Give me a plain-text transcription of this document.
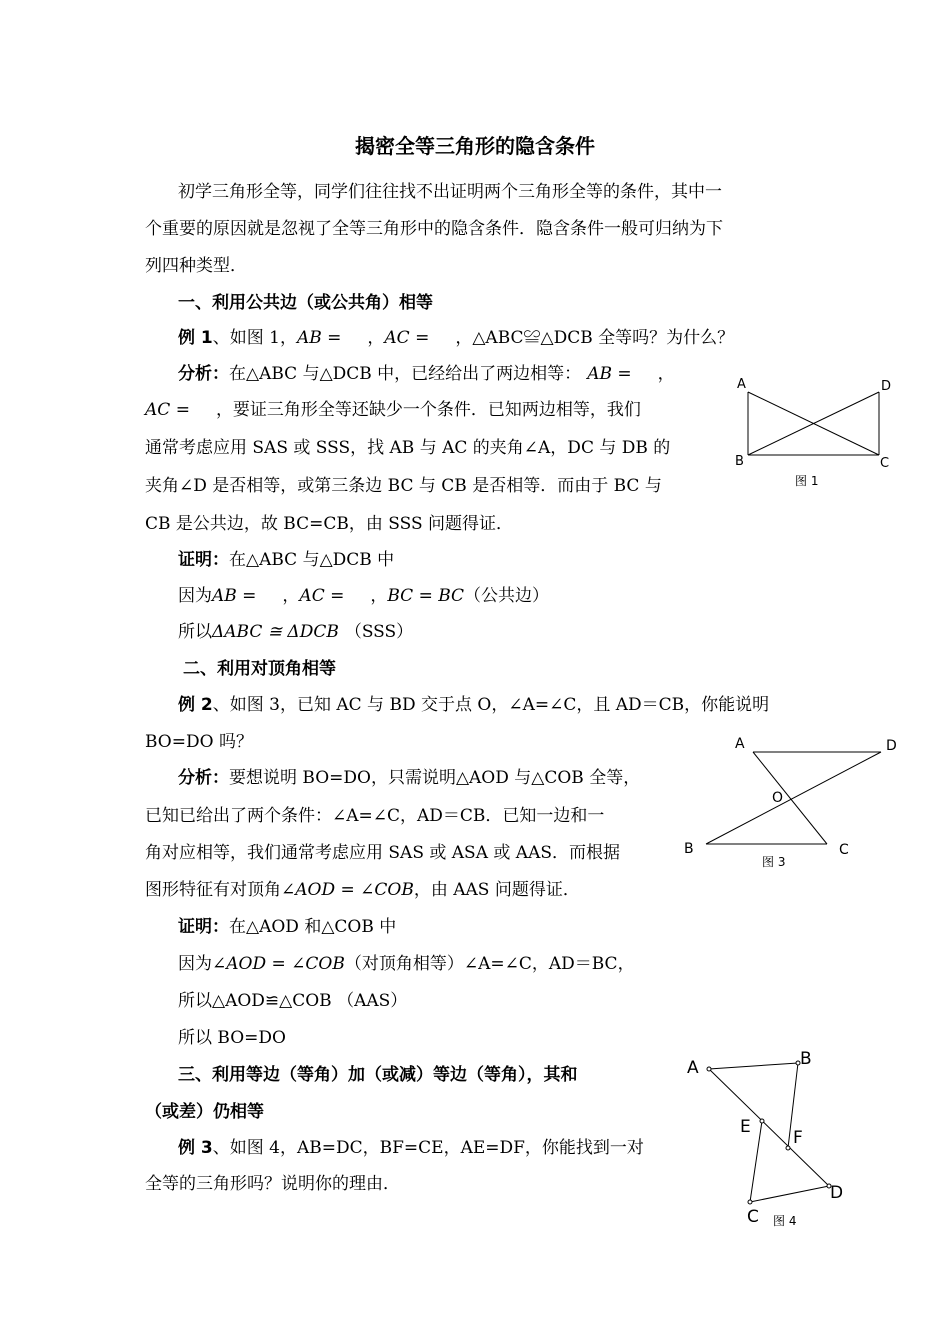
揭密全等三角形的隐含条件
初学三角形全等，同学们往往找不出证明两个三角形全等的条件，其中一
个重要的原因就是忽视了全等三角形中的隐含条件．隐含条件一般可归纳为下
列四种类型．
一、利用公共边（或公共角）相等
例 1、如图 1，AB = ，AC = ，△ABC≌△DCB 全等吗？为什么？
分析：在△ABC 与△DCB 中，已经给出了两边相等： AB = ，
AC = ，要证三角形全等还缺少一个条件．已知两边相等，我们
通常考虑应用 SAS 或 SSS，找 AB 与 AC 的夹角∠A，DC 与 DB 的
夹角∠D 是否相等，或第三条边 BC 与 CB 是否相等．而由于 BC 与
CB 是公共边，故 BC=CB，由 SSS 问题得证．
证明：在△ABC 与△DCB 中
因为AB = ，AC = ，BC = BC（公共边）
所以ΔABC ≅ ΔDCB （SSS）
A	D
B	C
图 1
二、利用对顶角相等
例 2、如图 3，已知 AC 与 BD 交于点 O，∠A=∠C，且 AD＝CB，你能说明
BO=DO 吗？
分析：要想说明 BO=DO，只需说明△AOD 与△COB 全等，
已知已给出了两个条件：∠A=∠C，AD＝CB．已知一边和一
角对应相等，我们通常考虑应用 SAS 或 ASA 或 AAS．而根据
图形特征有对顶角∠AOD = ∠COB，由 AAS 问题得证．
证明：在△AOD 和△COB 中
因为∠AOD = ∠COB（对顶角相等）∠A=∠C，AD＝BC，
所以△AOD≌△COB （AAS）
所以 BO=DO
A	D
O
B	C
图 3
三、利用等边（等角）加（或减）等边（等角），其和
（或差）仍相等
例 3、如图 4，AB=DC，BF=CE，AE=DF，你能找到一对
全等的三角形吗？说明你的理由．
A	B
E
F
D
C 图 4
